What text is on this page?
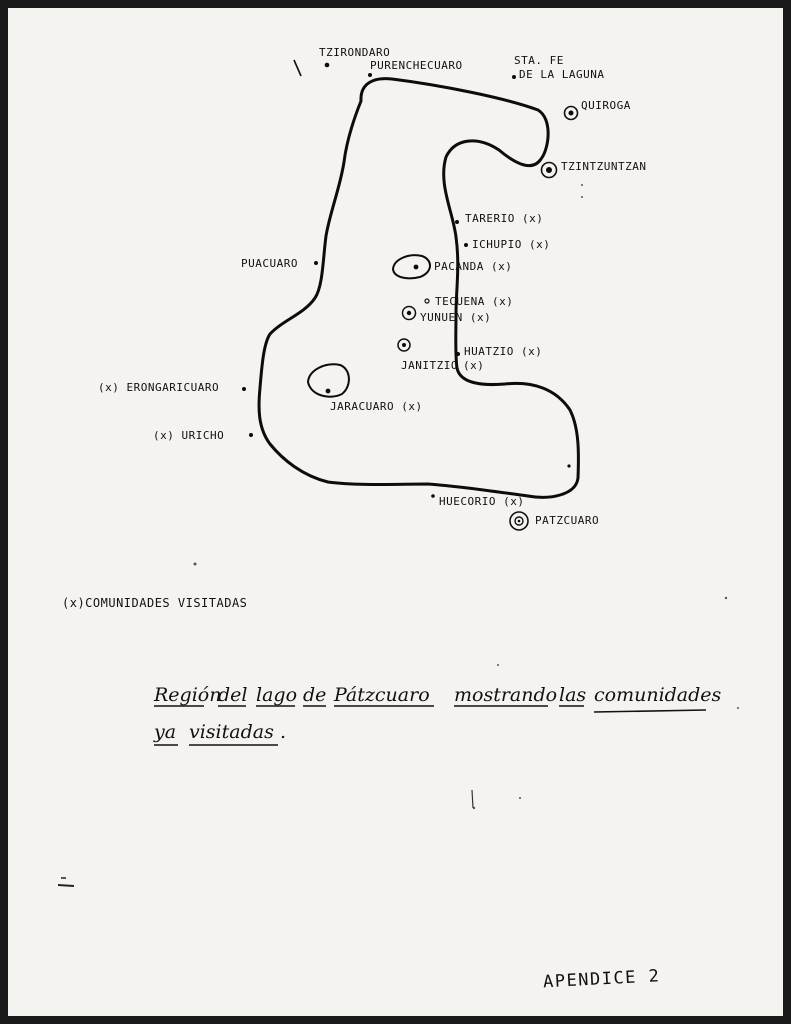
TZIRONDARO
PURENCHECUARO	STA. FE
DE LA LAGUNA
QUIROGA
TZINTZUNTZAN
TARERIO (x)
ICHUPIO (x)
PUACUARO	PACANDA (x)
TECUENA (x)
YUNUEN (x)
JANITZIO
HUATZIO (x)
(x)
(x) ERONGARICUARO
JARACUARO (x)
(x) URICHO
HUECORIO (x)
PATZCUARO
(x)COMUNIDADES VISITADAS
Región
del lago de Pátzcuaro mostrando las comunidades
ya visitadas .
APENDICE 2
